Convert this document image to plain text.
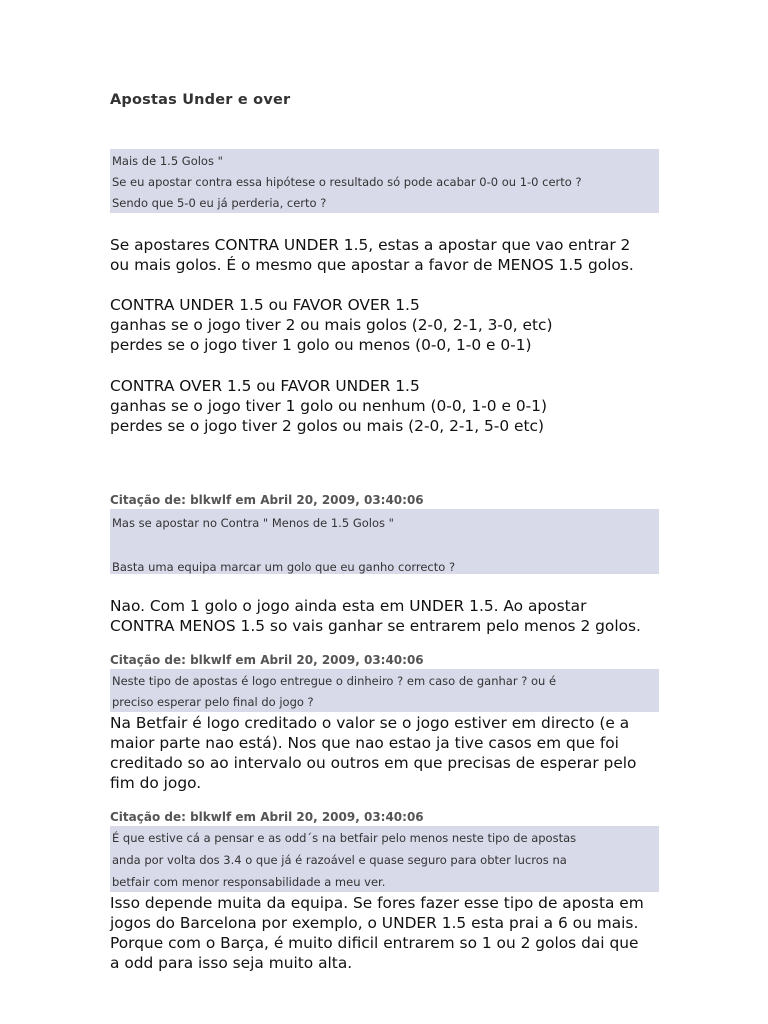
Apostas Under e over
Mais de 1.5 Golos "
Se eu apostar contra essa hipótese o resultado só pode acabar 0-0 ou 1-0 certo ?
Sendo que 5-0 eu já perderia, certo ?
Se apostares CONTRA UNDER 1.5, estas a apostar que vao entrar 2
ou mais golos. É o mesmo que apostar a favor de MENOS 1.5 golos.
CONTRA UNDER 1.5 ou FAVOR OVER 1.5
ganhas se o jogo tiver 2 ou mais golos (2-0, 2-1, 3-0, etc)
perdes se o jogo tiver 1 golo ou menos (0-0, 1-0 e 0-1)
CONTRA OVER 1.5 ou FAVOR UNDER 1.5
ganhas se o jogo tiver 1 golo ou nenhum (0-0, 1-0 e 0-1)
perdes se o jogo tiver 2 golos ou mais (2-0, 2-1, 5-0 etc)
Citação de: blkwlf em Abril 20, 2009, 03:40:06
Mas se apostar no Contra " Menos de 1.5 Golos "

Basta uma equipa marcar um golo que eu ganho correcto ?
Nao. Com 1 golo o jogo ainda esta em UNDER 1.5. Ao apostar
CONTRA MENOS 1.5 so vais ganhar se entrarem pelo menos 2 golos.
Citação de: blkwlf em Abril 20, 2009, 03:40:06
Neste tipo de apostas é logo entregue o dinheiro ? em caso de ganhar ? ou é
preciso esperar pelo final do jogo ?
Na Betfair é logo creditado o valor se o jogo estiver em directo (e a
maior parte nao está). Nos que nao estao ja tive casos em que foi
creditado so ao intervalo ou outros em que precisas de esperar pelo
fim do jogo.
Citação de: blkwlf em Abril 20, 2009, 03:40:06
É que estive cá a pensar e as odd´s na betfair pelo menos neste tipo de apostas
anda por volta dos 3.4 o que já é razoável e quase seguro para obter lucros na
betfair com menor responsabilidade a meu ver.
Isso depende muita da equipa. Se fores fazer esse tipo de aposta em
jogos do Barcelona por exemplo, o UNDER 1.5 esta prai a 6 ou mais.
Porque com o Barça, é muito dificil entrarem so 1 ou 2 golos dai que
a odd para isso seja muito alta.
